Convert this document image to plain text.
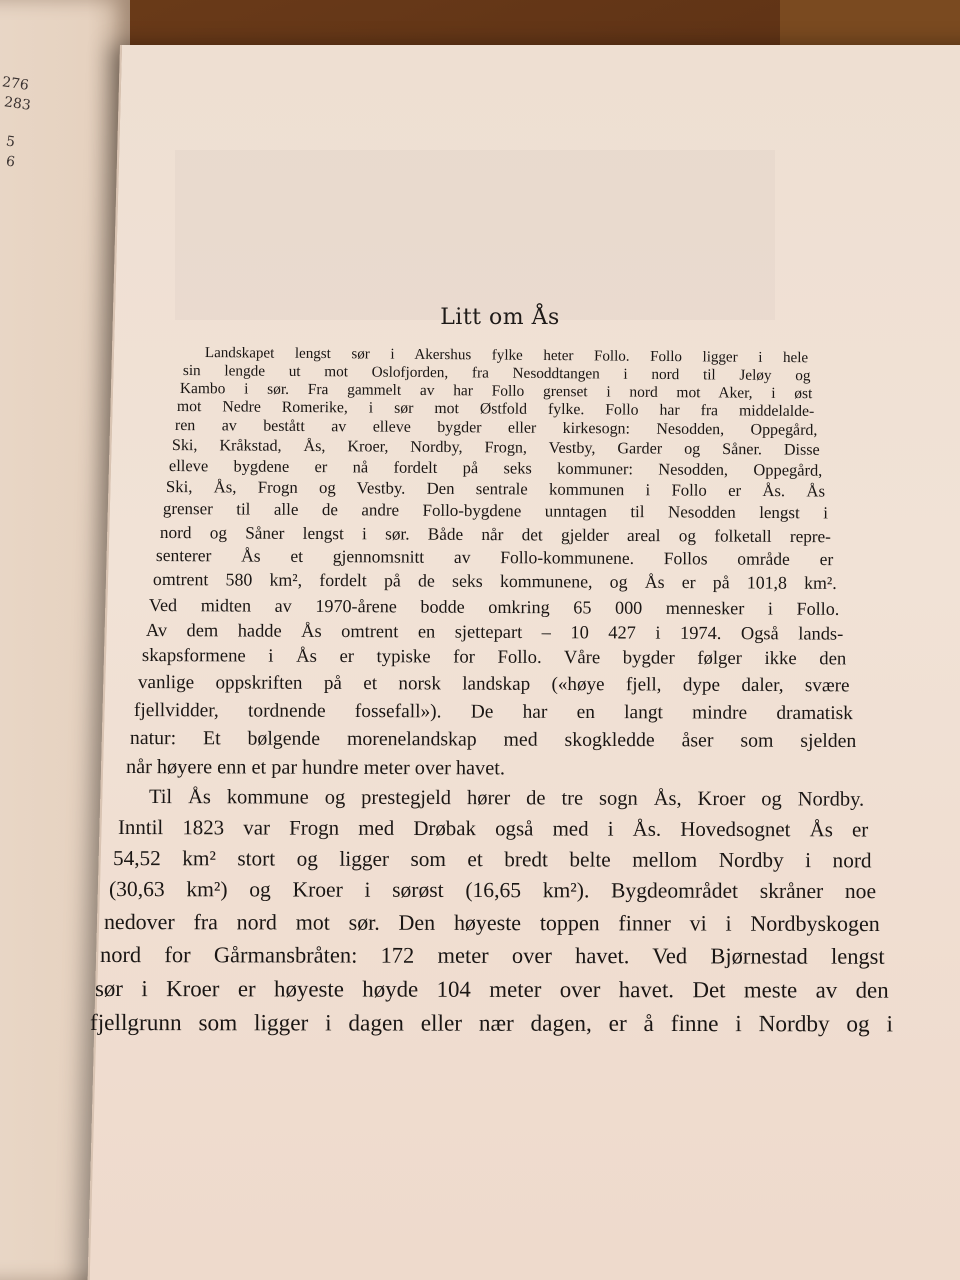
276
283
5
6
Litt om Ås

Landskapet lengst sør i Akershus fylke heter Follo. Follo ligger i hele

sin lengde ut mot Oslofjorden, fra Nesoddtangen i nord til Jeløy og

Kambo i sør. Fra gammelt av har Follo grenset i nord mot Aker, i øst

mot Nedre Romerike, i sør mot Østfold fylke. Follo har fra middelalde-

ren av bestått av elleve bygder eller kirkesogn: Nesodden, Oppegård,

Ski, Kråkstad, Ås, Kroer, Nordby, Frogn, Vestby, Garder og Såner. Disse

elleve bygdene er nå fordelt på seks kommuner: Nesodden, Oppegård,

Ski, Ås, Frogn og Vestby. Den sentrale kommunen i Follo er Ås. Ås

grenser til alle de andre Follo-bygdene unntagen til Nesodden lengst i

nord og Såner lengst i sør. Både når det gjelder areal og folketall repre-

senterer Ås et gjennomsnitt av Follo-kommunene. Follos område er

omtrent 580 km², fordelt på de seks kommunene, og Ås er på 101,8 km².

Ved midten av 1970-årene bodde omkring 65 000 mennesker i Follo.

Av dem hadde Ås omtrent en sjettepart – 10 427 i 1974. Også lands-

skapsformene i Ås er typiske for Follo. Våre bygder følger ikke den

vanlige oppskriften på et norsk landskap («høye fjell, dype daler, svære

fjellvidder, tordnende fossefall»). De har en langt mindre dramatisk

natur: Et bølgende morenelandskap med skogkledde åser som sjelden

når høyere enn et par hundre meter over havet.

Til Ås kommune og prestegjeld hører de tre sogn Ås, Kroer og Nordby.

Inntil 1823 var Frogn med Drøbak også med i Ås. Hovedsognet Ås er

54,52 km² stort og ligger som et bredt belte mellom Nordby i nord

(30,63 km²) og Kroer i sørøst (16,65 km²). Bygdeområdet skråner noe

nedover fra nord mot sør. Den høyeste toppen finner vi i Nordbyskogen

nord for Gårmansbråten: 172 meter over havet. Ved Bjørnestad lengst

sør i Kroer er høyeste høyde 104 meter over havet. Det meste av den

fjellgrunn som ligger i dagen eller nær dagen, er å finne i Nordby og i
